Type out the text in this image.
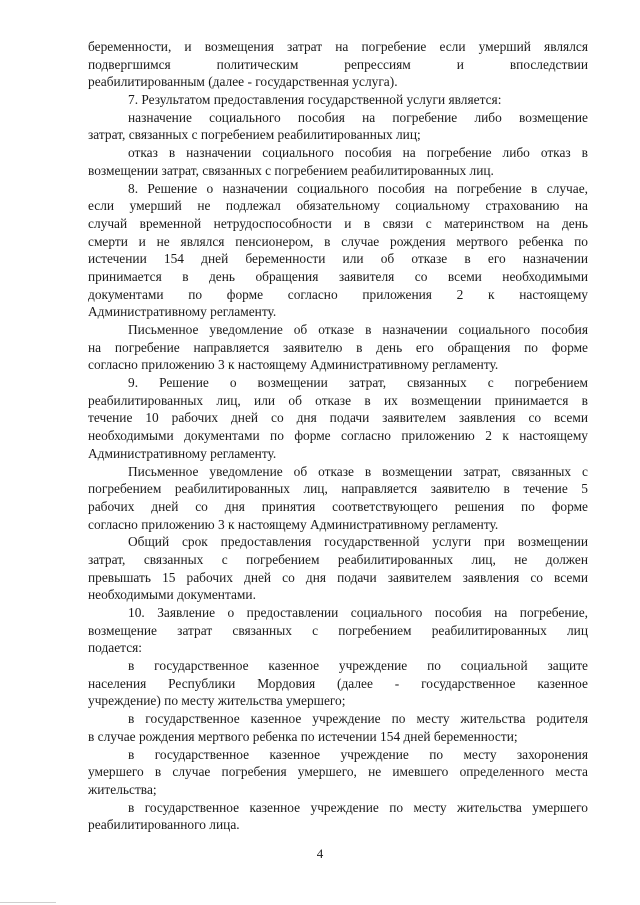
беременности, и возмещения затрат на погребение если умерший являлся
подвергшимся политическим репрессиям и впоследствии
реабилитированным (далее - государственная услуга).
7. Результатом предоставления государственной услуги является:
назначение социального пособия на погребение либо возмещение
затрат, связанных с погребением реабилитированных лиц;
отказ в назначении социального пособия на погребение либо отказ в
возмещении затрат, связанных с погребением реабилитированных лиц.
8. Решение о назначении социального пособия на погребение в случае,
если умерший не подлежал обязательному социальному страхованию на
случай временной нетрудоспособности и в связи с материнством на день
смерти и не являлся пенсионером, в случае рождения мертвого ребенка по
истечении 154 дней беременности или об отказе в его назначении
принимается в день обращения заявителя со всеми необходимыми
документами по форме согласно приложения 2 к настоящему
Административному регламенту.
Письменное уведомление об отказе в назначении социального пособия
на погребение направляется заявителю в день его обращения по форме
согласно приложению 3 к настоящему Административному регламенту.
9. Решение о возмещении затрат, связанных с погребением
реабилитированных лиц, или об отказе в их возмещении принимается в
течение 10 рабочих дней со дня подачи заявителем заявления со всеми
необходимыми документами по форме согласно приложению 2 к настоящему
Административному регламенту.
Письменное уведомление об отказе в возмещении затрат, связанных с
погребением реабилитированных лиц, направляется заявителю в течение 5
рабочих дней со дня принятия соответствующего решения по форме
согласно приложению 3 к настоящему Административному регламенту.
Общий срок предоставления государственной услуги при возмещении
затрат, связанных с погребением реабилитированных лиц, не должен
превышать 15 рабочих дней со дня подачи заявителем заявления со всеми
необходимыми документами.
10. Заявление о предоставлении социального пособия на погребение,
возмещение затрат связанных с погребением реабилитированных лиц
подается:
в государственное казенное учреждение по социальной защите
населения Республики Мордовия (далее - государственное казенное
учреждение) по месту жительства умершего;
в государственное казенное учреждение по месту жительства родителя
в случае рождения мертвого ребенка по истечении 154 дней беременности;
в государственное казенное учреждение по месту захоронения
умершего в случае погребения умершего, не имевшего определенного места
жительства;
в государственное казенное учреждение по месту жительства умершего
реабилитированного лица.
4
